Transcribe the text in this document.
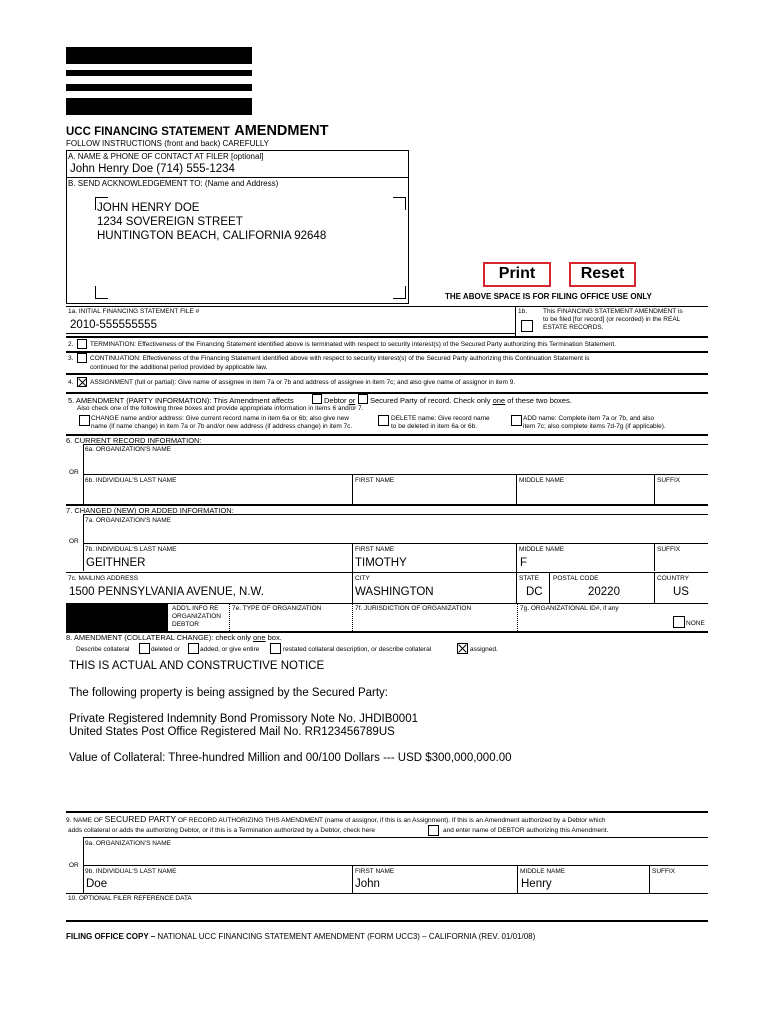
UCC FINANCING STATEMENT AMENDMENT
FOLLOW INSTRUCTIONS (front and back) CAREFULLY
A. NAME & PHONE OF CONTACT AT FILER [optional]
John Henry Doe (714) 555-1234
B. SEND ACKNOWLEDGEMENT TO: (Name and Address)
JOHN HENRY DOE
1234 SOVEREIGN STREET
HUNTINGTON BEACH, CALIFORNIA 92648
Print	Reset
THE ABOVE SPACE IS FOR FILING OFFICE USE ONLY
1a. INITIAL FINANCING STATEMENT FILE #
2010-555555555
1b. This FINANCING STATEMENT AMENDMENT is
to be filed [for record] (or recorded) in the REAL
ESTATE RECORDS.
2.	TERMINATION: Effectiveness of the Financing Statement identified above is terminated with respect to security interest(s) of the Secured Party authorizing this Termination Statement.
3.	CONTINUATION: Effectiveness of the Financing Statement identified above with respect to security interest(s) of the Secured Party authorizing this Continuation Statement is
continued for the additional period provided by applicable law.
4.	ASSIGNMENT (full or partial): Give name of assignee in item 7a or 7b and address of assignee in item 7c; and also give name of assignor in item 9.
5. AMENDMENT (PARTY INFORMATION): This Amendment affects	Debtor or Secured Party of record. Check only one of these two boxes.
Also check one of the following three boxes and provide appropriate information in items 6 and/or 7.
CHANGE name and/or address: Give current record name in item 6a or 6b; also give new
name (if name change) in item 7a or 7b and/or new address (if address change) in item 7c.
DELETE name: Give record name
to be deleted in item 6a or 6b.
ADD name: Complete item 7a or 7b, and also
item 7c; also complete items 7d-7g (if applicable).
6. CURRENT RECORD INFORMATION:
6a. ORGANIZATION'S NAME
OR
6b. INDIVIDUAL'S LAST NAME	FIRST NAME	MIDDLE NAME	SUFFIX
7. CHANGED (NEW) OR ADDED INFORMATION:
7a. ORGANIZATION'S NAME
OR
7b. INDIVIDUAL'S LAST NAME
GEITHNER
FIRST NAME
TIMOTHY
MIDDLE NAME
F
SUFFIX
7c. MAILING ADDRESS
1500 PENNSYLVANIA AVENUE, N.W.
CITY
WASHINGTON
STATE
DC
POSTAL CODE
20220
COUNTRY
US
ADD'L INFO RE
ORGANIZATION
DEBTOR
7e. TYPE OF ORGANIZATION	7f. JURISDICTION OF ORGANIZATION	7g. ORGANIZATIONAL ID#, if any
NONE
8. AMENDMENT (COLLATERAL CHANGE): check only one box.
Describe collateral	deleted or	added, or give entire	restated collateral description, or describe collateral	assigned.
THIS IS ACTUAL AND CONSTRUCTIVE NOTICE
The following property is being assigned by the Secured Party:
Private Registered Indemnity Bond Promissory Note No. JHDIB0001
United States Post Office Registered Mail No. RR123456789US
Value of Collateral: Three-hundred Million and 00/100 Dollars --- USD $300,000,000.00
9. NAME OF SECURED PARTY OF RECORD AUTHORIZING THIS AMENDMENT (name of assignor, if this is an Assignment). If this is an Amendment authorized by a Debtor which
adds collateral or adds the authorizing Debtor, or if this is a Termination authorized by a Debtor, check here	and enter name of DEBTOR authorizing this Amendment.
9a. ORGANIZATION'S NAME
OR
9b. INDIVIDUAL'S LAST NAME
Doe
FIRST NAME
John
MIDDLE NAME
Henry
SUFFIX
10. OPTIONAL FILER REFERENCE DATA
FILING OFFICE COPY – NATIONAL UCC FINANCING STATEMENT AMENDMENT (FORM UCC3) – CALIFORNIA (REV. 01/01/08)
